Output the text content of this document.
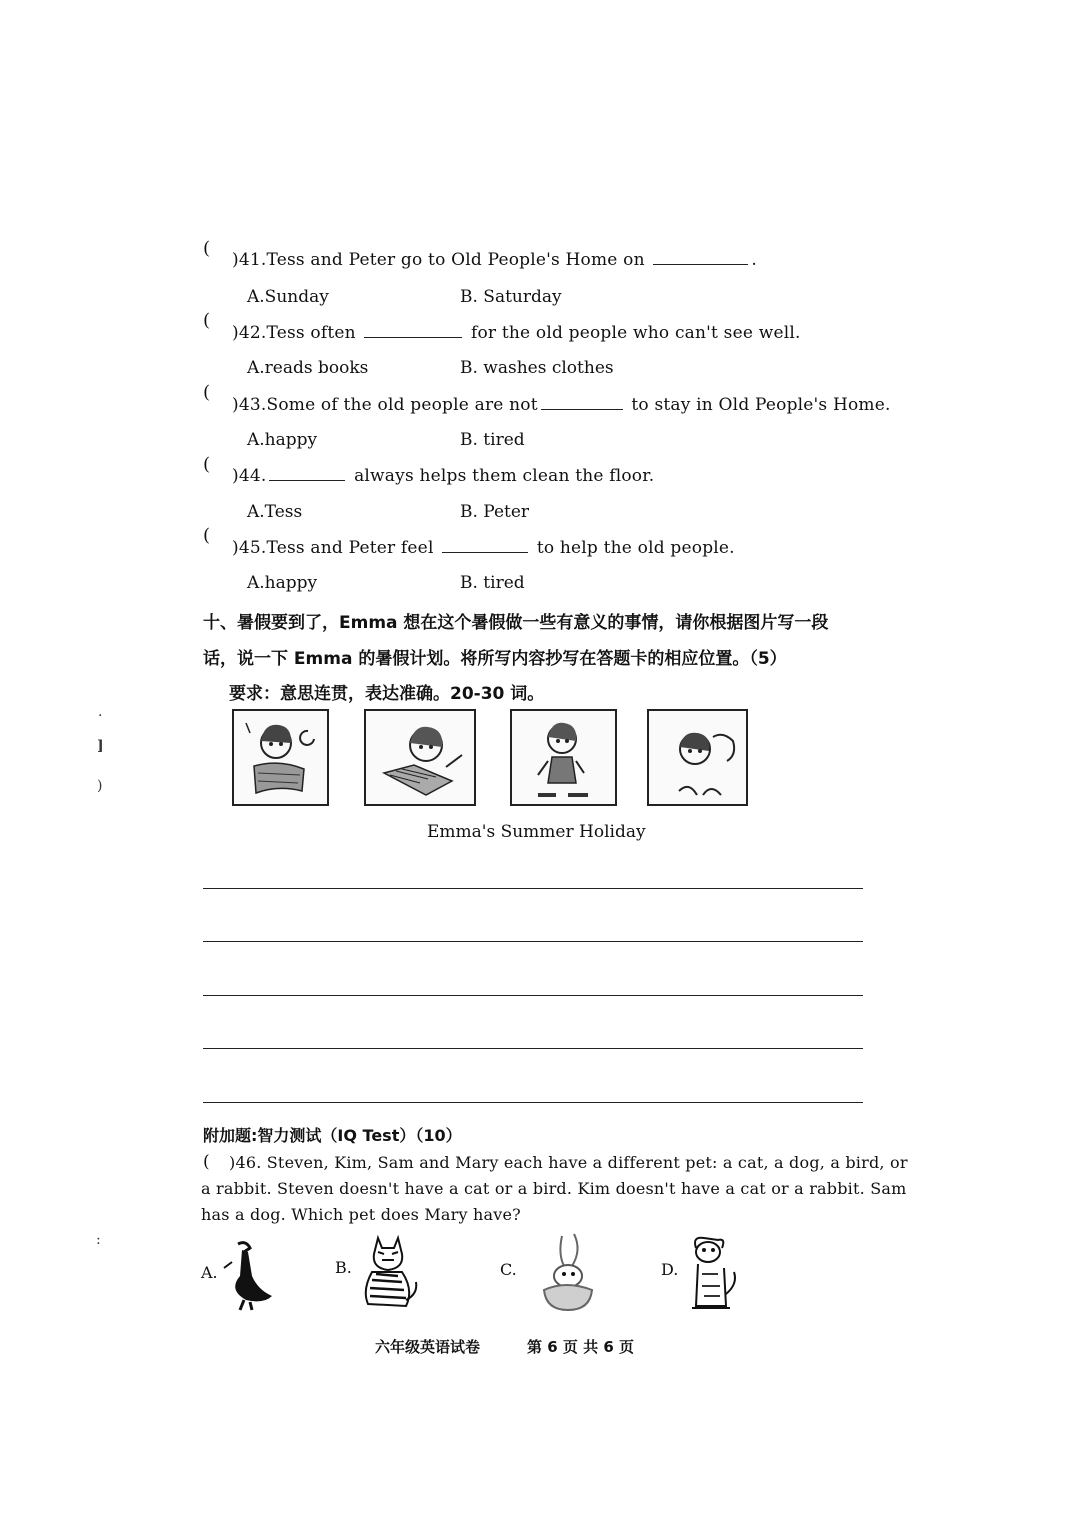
(
)41.Tess and Peter go to Old People's Home on	.
A.Sunday	B. Saturday
(
)42.Tess often	for the old people who can't see well.
A.reads books	B. washes clothes
(
)43.Some of the old people are not	to stay in Old People's Home.
A.happy	B. tired
(
)44.	always helps them clean the floor.
A.Tess	B. Peter
(
)45.Tess and Peter feel	to help the old people.
A.happy	B. tired
十、暑假要到了，Emma 想在这个暑假做一些有意义的事情，请你根据图片写一段
话，说一下 Emma 的暑假计划。将所写内容抄写在答题卡的相应位置。（5）
要求：意思连贯，表达准确。20-30 词。
Emma's Summer Holiday
附加题:智力测试（IQ Test）（10）
( )46. Steven, Kim, Sam and Mary each have a different pet: a cat, a dog, a bird, or
a rabbit. Steven doesn't have a cat or a bird. Kim doesn't have a cat or a rabbit. Sam
has a dog. Which pet does Mary have?
A.	B.	C.	D.
.
]
)
:
六年级英语试卷	第 6 页 共 6 页
